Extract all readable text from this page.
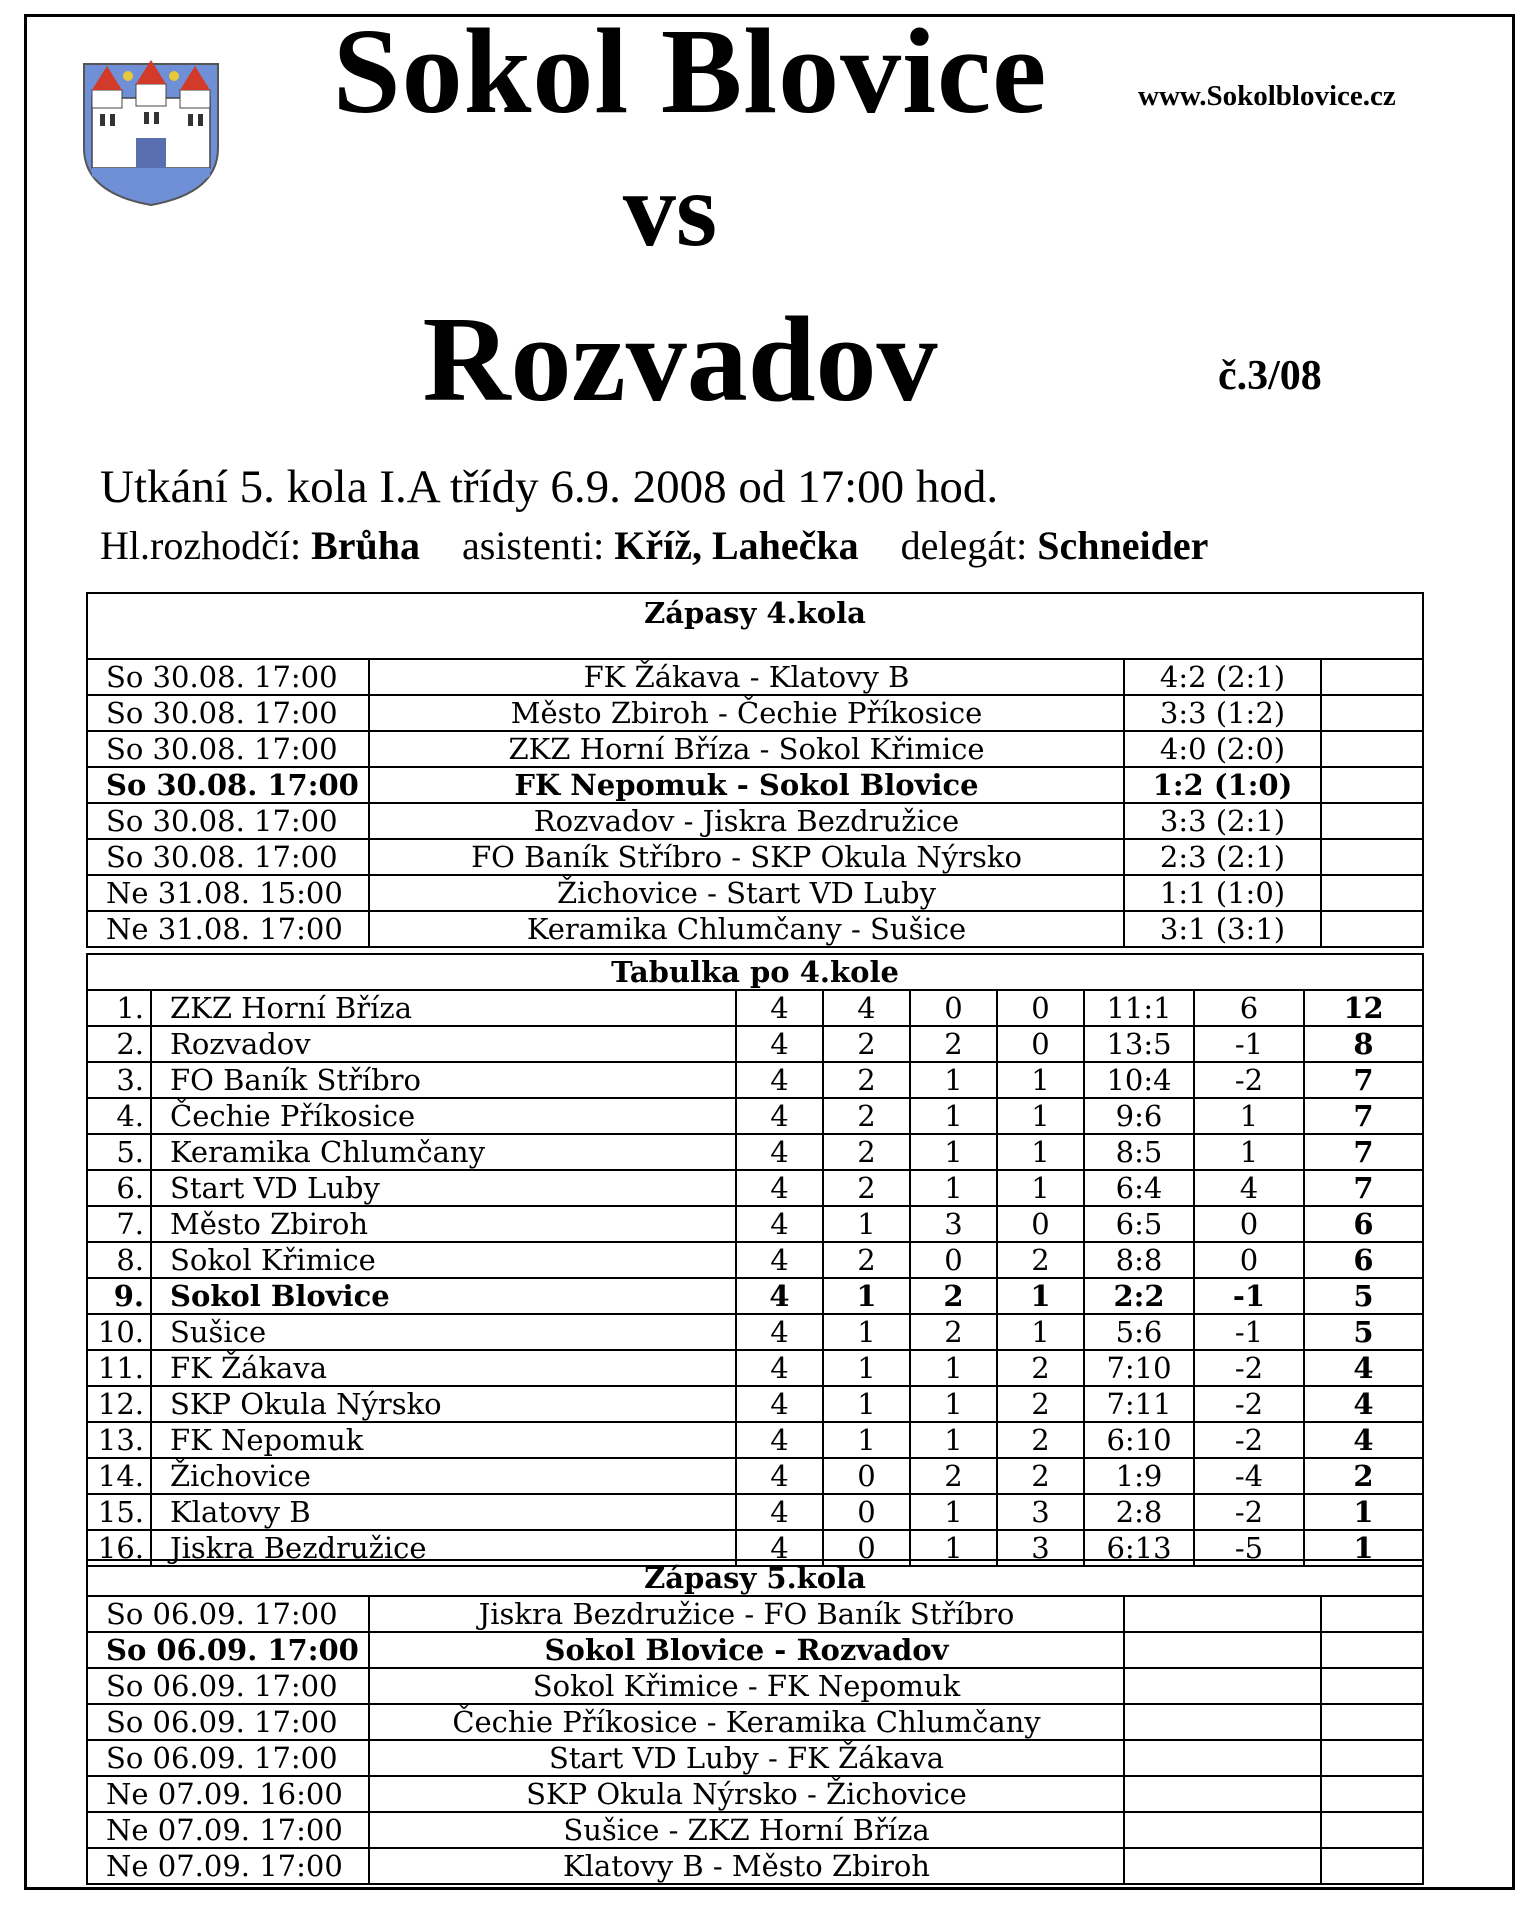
Sokol Blovice	www.Sokolblovice.cz
vs
Rozvadov	č.3/08
Utkání 5. kola I.A třídy 6.9. 2008 od 17:00 hod.
Hl.rozhodčí: Brůha asistenti: Kříž, Lahečka delegát: Schneider
Zápasy 4.kola			
So 30.08. 17:00	FK Žákava - Klatovy B	4:2 (2:1)	
So 30.08. 17:00	Město Zbiroh - Čechie Příkosice	3:3 (1:2)	
So 30.08. 17:00	ZKZ Horní Bříza - Sokol Křimice	4:0 (2:0)	
So 30.08. 17:00	FK Nepomuk - Sokol Blovice	1:2 (1:0)	
So 30.08. 17:00	Rozvadov - Jiskra Bezdružice	3:3 (2:1)	
So 30.08. 17:00	FO Baník Stříbro - SKP Okula Nýrsko	2:3 (2:1)	
Ne 31.08. 15:00	Žichovice - Start VD Luby	1:1 (1:0)	
Ne 31.08. 17:00	Keramika Chlumčany - Sušice	3:1 (3:1)	
Tabulka po 4.kole								
1.	ZKZ Horní Bříza	4	4	0	0	11:1	6	12
2.	Rozvadov	4	2	2	0	13:5	-1	8
3.	FO Baník Stříbro	4	2	1	1	10:4	-2	7
4.	Čechie Příkosice	4	2	1	1	9:6	1	7
5.	Keramika Chlumčany	4	2	1	1	8:5	1	7
6.	Start VD Luby	4	2	1	1	6:4	4	7
7.	Město Zbiroh	4	1	3	0	6:5	0	6
8.	Sokol Křimice	4	2	0	2	8:8	0	6
9.	Sokol Blovice	4	1	2	1	2:2	-1	5
10.	Sušice	4	1	2	1	5:6	-1	5
11.	FK Žákava	4	1	1	2	7:10	-2	4
12.	SKP Okula Nýrsko	4	1	1	2	7:11	-2	4
13.	FK Nepomuk	4	1	1	2	6:10	-2	4
14.	Žichovice	4	0	2	2	1:9	-4	2
15.	Klatovy B	4	0	1	3	2:8	-2	1
16.	Jiskra Bezdružice	4	0	1	3	6:13	-5	1
Zápasy 5.kola			
So 06.09. 17:00	Jiskra Bezdružice - FO Baník Stříbro		
So 06.09. 17:00	Sokol Blovice - Rozvadov		
So 06.09. 17:00	Sokol Křimice - FK Nepomuk		
So 06.09. 17:00	Čechie Příkosice - Keramika Chlumčany		
So 06.09. 17:00	Start VD Luby - FK Žákava		
Ne 07.09. 16:00	SKP Okula Nýrsko - Žichovice		
Ne 07.09. 17:00	Sušice - ZKZ Horní Bříza		
Ne 07.09. 17:00	Klatovy B - Město Zbiroh		
